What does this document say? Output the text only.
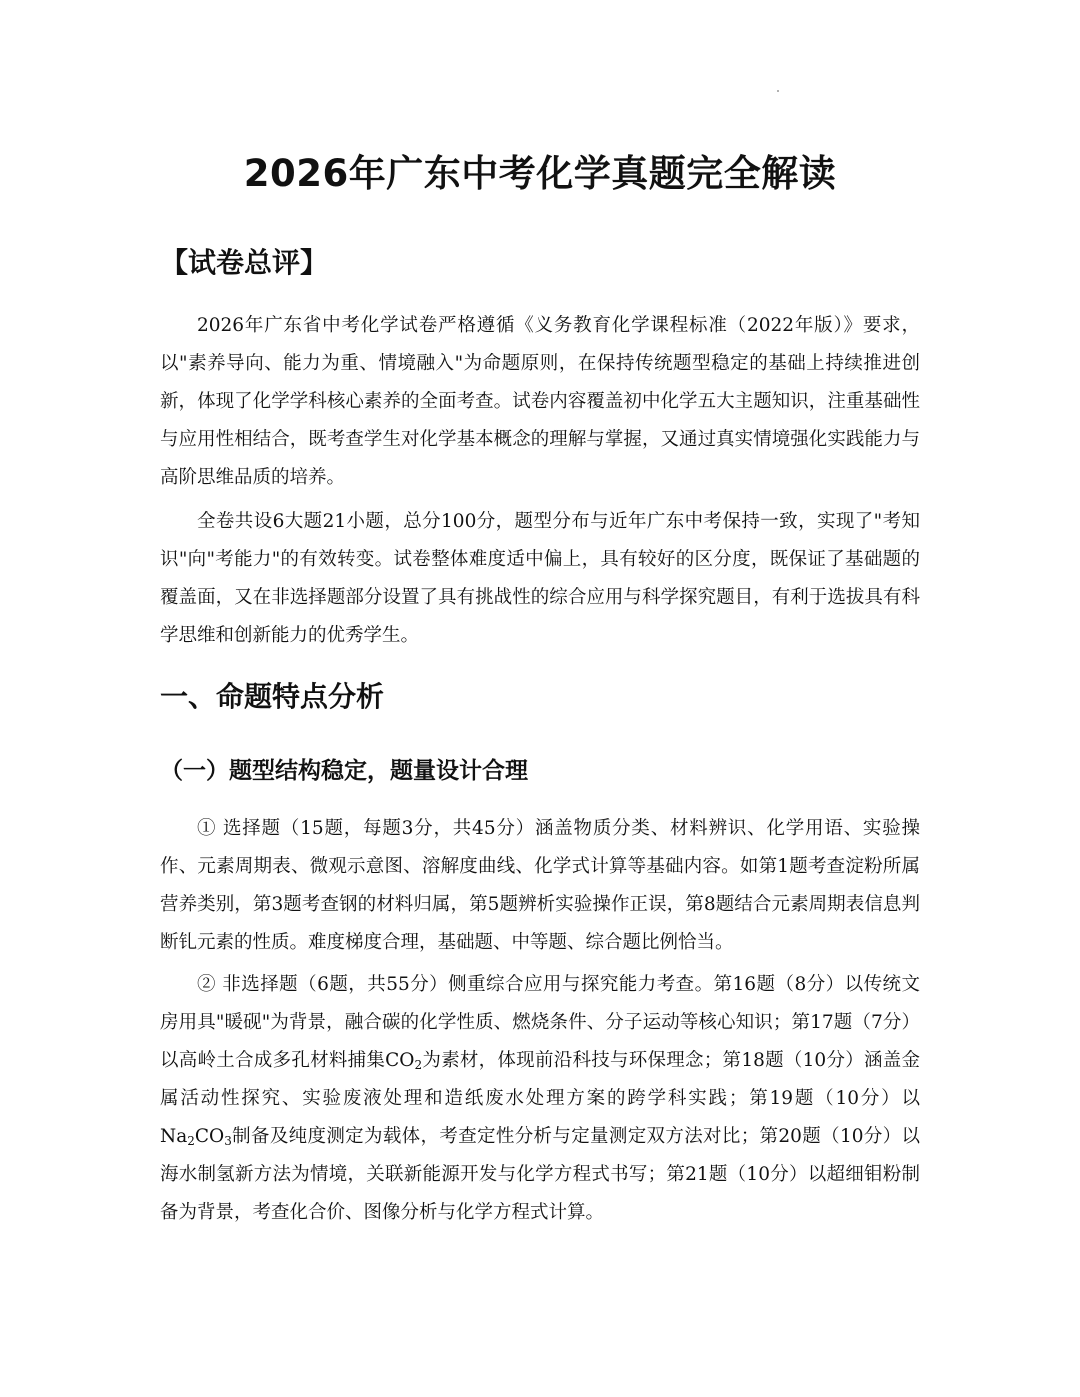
2026年广东中考化学真题完全解读
【试卷总评】

2026年广东省中考化学试卷严格遵循《义务教育化学课程标准（2022年版）》要求，以"素养导向、能力为重、情境融入"为命题原则，在保持传统题型稳定的基础上持续推进创新，体现了化学学科核心素养的全面考查。试卷内容覆盖初中化学五大主题知识，注重基础性与应用性相结合，既考查学生对化学基本概念的理解与掌握，又通过真实情境强化实践能力与高阶思维品质的培养。

全卷共设6大题21小题，总分100分，题型分布与近年广东中考保持一致，实现了"考知识"向"考能力"的有效转变。试卷整体难度适中偏上，具有较好的区分度，既保证了基础题的覆盖面，又在非选择题部分设置了具有挑战性的综合应用与科学探究题目，有利于选拔具有科学思维和创新能力的优秀学生。

一、命题特点分析
（一）题型结构稳定，题量设计合理

① 选择题（15题，每题3分，共45分）涵盖物质分类、材料辨识、化学用语、实验操作、元素周期表、微观示意图、溶解度曲线、化学式计算等基础内容。如第1题考查淀粉所属营养类别，第3题考查钢的材料归属，第5题辨析实验操作正误，第8题结合元素周期表信息判断钆元素的性质。难度梯度合理，基础题、中等题、综合题比例恰当。

② 非选择题（6题，共55分）侧重综合应用与探究能力考查。第16题（8分）以传统文房用具"暖砚"为背景，融合碳的化学性质、燃烧条件、分子运动等核心知识；第17题（7分）以高岭土合成多孔材料捕集$CO_2$为素材，体现前沿科技与环保理念；第18题（10分）涵盖金属活动性探究、实验废液处理和造纸废水处理方案的跨学科实践；第19题（10分）以$Na_2CO_3$制备及纯度测定为载体，考查定性分析与定量测定双方法对比；第20题（10分）以海水制氢新方法为情境，关联新能源开发与化学方程式书写；第21题（10分）以超细钼粉制备为背景，考查化合价、图像分析与化学方程式计算。
